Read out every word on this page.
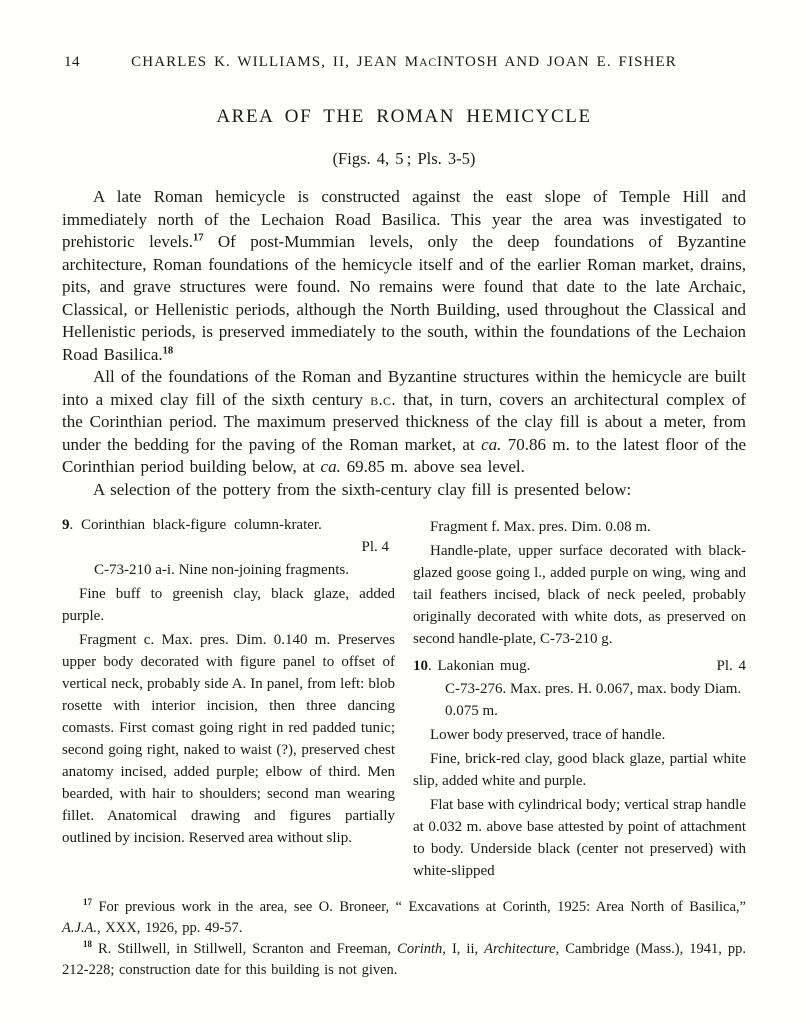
14	CHARLES K. WILLIAMS, II, JEAN MACINTOSH AND JOAN E. FISHER
AREA OF THE ROMAN HEMICYCLE
(Figs. 4, 5 ; Pls. 3-5)

A late Roman hemicycle is constructed against the east slope of Temple Hill and immediately north of the Lechaion Road Basilica. This year the area was investigated to prehistoric levels.$^{17}$ Of post-Mummian levels, only the deep foundations of Byzantine architecture, Roman foundations of the hemicycle itself and of the earlier Roman market, drains, pits, and grave structures were found. No remains were found that date to the late Archaic, Classical, or Hellenistic periods, although the North Building, used throughout the Classical and Hellenistic periods, is preserved immediately to the south, within the foundations of the Lechaion Road Basilica.$^{18}$

All of the foundations of the Roman and Byzantine structures within the hemicycle are built into a mixed clay fill of the sixth century b.c. that, in turn, covers an architectural complex of the Corinthian period. The maximum preserved thickness of the clay fill is about a meter, from under the bedding for the paving of the Roman market, at ca. 70.86 m. to the latest floor of the Corinthian period building below, at ca. 69.85 m. above sea level.

A selection of the pottery from the sixth-century clay fill is presented below:

9. Corinthian black-figure column-krater.
Pl. 4

C-73-210 a-i. Nine non-joining fragments.

Fine buff to greenish clay, black glaze, added purple.

Fragment c. Max. pres. Dim. 0.140 m. Preserves upper body decorated with figure panel to offset of vertical neck, probably side A. In panel, from left: blob rosette with interior incision, then three dancing comasts. First comast going right in red padded tunic; second going right, naked to waist (?), preserved chest anatomy incised, added purple; elbow of third. Men bearded, with hair to shoulders; second man wearing fillet. Anatomical drawing and figures partially outlined by incision. Reserved area without slip.

Fragment f. Max. pres. Dim. 0.08 m.

Handle-plate, upper surface decorated with black-glazed goose going l., added purple on wing, wing and tail feathers incised, black of neck peeled, probably originally decorated with white dots, as preserved on second handle-plate, C-73-210 g.

10. Lakonian mug.	Pl. 4

C-73-276. Max. pres. H. 0.067, max. body Diam. 0.075 m.

Lower body preserved, trace of handle.

Fine, brick-red clay, good black glaze, partial white slip, added white and purple.

Flat base with cylindrical body; vertical strap handle at 0.032 m. above base attested by point of attachment to body. Underside black (center not preserved) with white-slipped

$^{17}$ For previous work in the area, see O. Broneer, “ Excavations at Corinth, 1925: Area North of Basilica,” A.J.A., XXX, 1926, pp. 49-57.

$^{18}$ R. Stillwell, in Stillwell, Scranton and Freeman, Corinth, I, ii, Architecture, Cambridge (Mass.), 1941, pp. 212-228; construction date for this building is not given.
